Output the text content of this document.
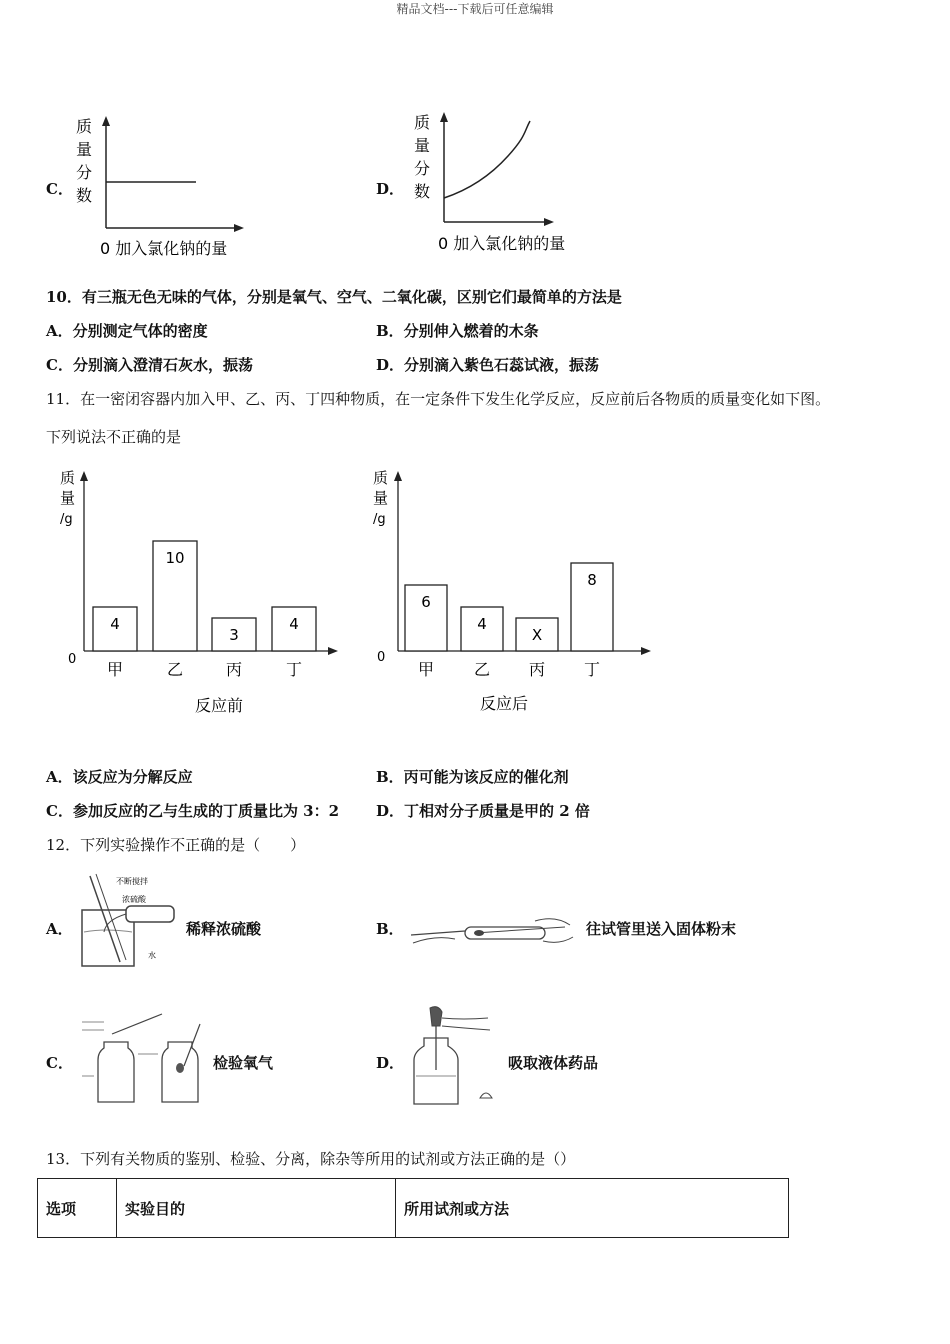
精品文档---下载后可任意编辑
C．
质
量
分
数
0 加入氯化钠的量
D．
质
量
分
数
0 加入氯化钠的量
10．有三瓶无色无味的气体，分别是氧气、空气、二氧化碳，区别它们最简单的方法是
A．分别测定气体的密度	B．分别伸入燃着的木条
C．分别滴入澄清石灰水，振荡	D．分别滴入紫色石蕊试液，振荡
11．在一密闭容器内加入甲、乙、丙、丁四种物质，在一定条件下发生化学反应，反应前后各物质的质量变化如下图。
下列说法不正确的是
质
量
/g
0
4
甲
10
乙
3
丙
4
丁
反应前
质
量
/g
0
6
甲
4
乙
X
丙
8
丁
反应后
A．该反应为分解反应	B．丙可能为该反应的催化剂
C．参加反应的乙与生成的丁质量比为 3：2 D．丁相对分子质量是甲的 2 倍
12．下列实验操作不正确的是（　　）
A．
不断搅拌
浓硫酸
水
稀释浓硫酸	B．	往试管里送入固体粉末
C．	检验氧气	D．	吸取液体药品
13．下列有关物质的鉴别、检验、分离，除杂等所用的试剂或方法正确的是（）
选项	实验目的	所用试剂或方法
